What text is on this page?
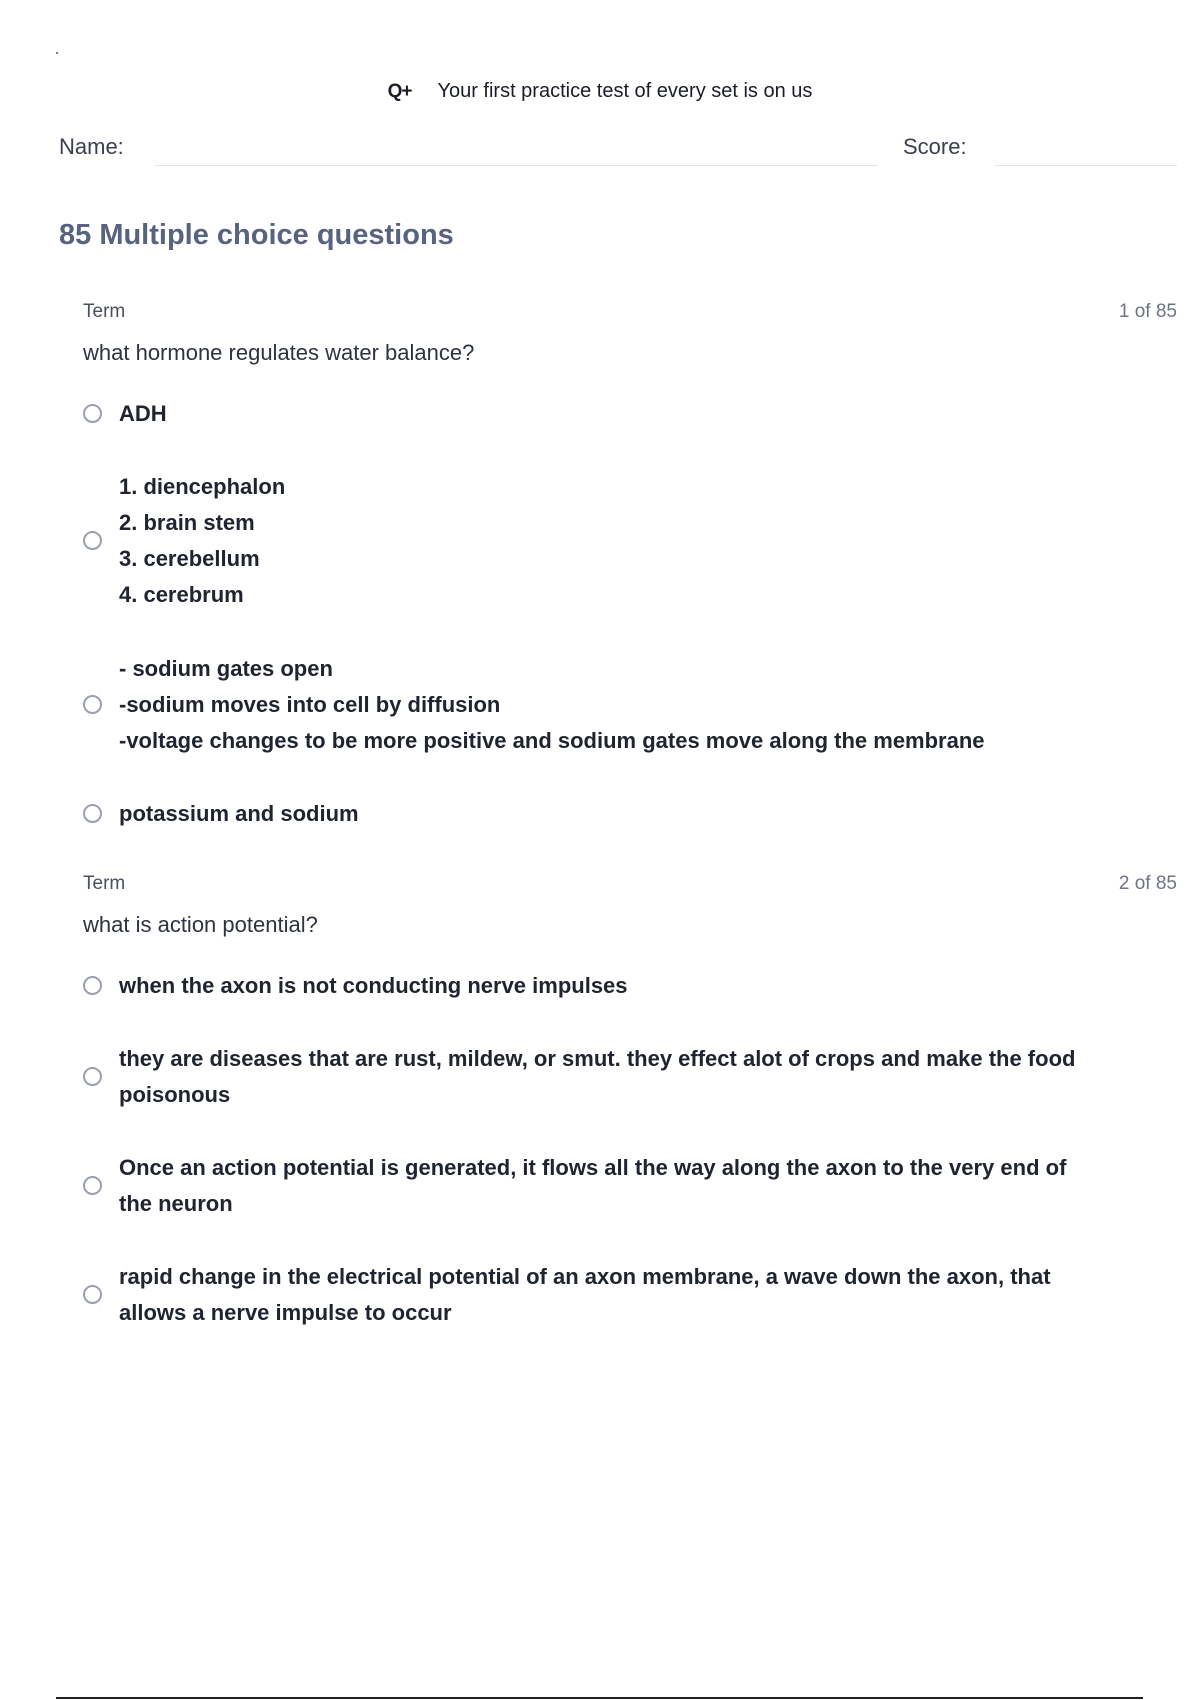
Q+ Your first practice test of every set is on us
Name:	Score:
85 Multiple choice questions
Term	1 of 85
what hormone regulates water balance?
ADH
1. diencephalon
2. brain stem
3. cerebellum
4. cerebrum
- sodium gates open
-sodium moves into cell by diffusion
-voltage changes to be more positive and sodium gates move along the membrane
potassium and sodium
Term	2 of 85
what is action potential?
when the axon is not conducting nerve impulses
they are diseases that are rust, mildew, or smut. they effect alot of crops and make the food
poisonous
Once an action potential is generated, it flows all the way along the axon to the very end of
the neuron
rapid change in the electrical potential of an axon membrane, a wave down the axon, that
allows a nerve impulse to occur
